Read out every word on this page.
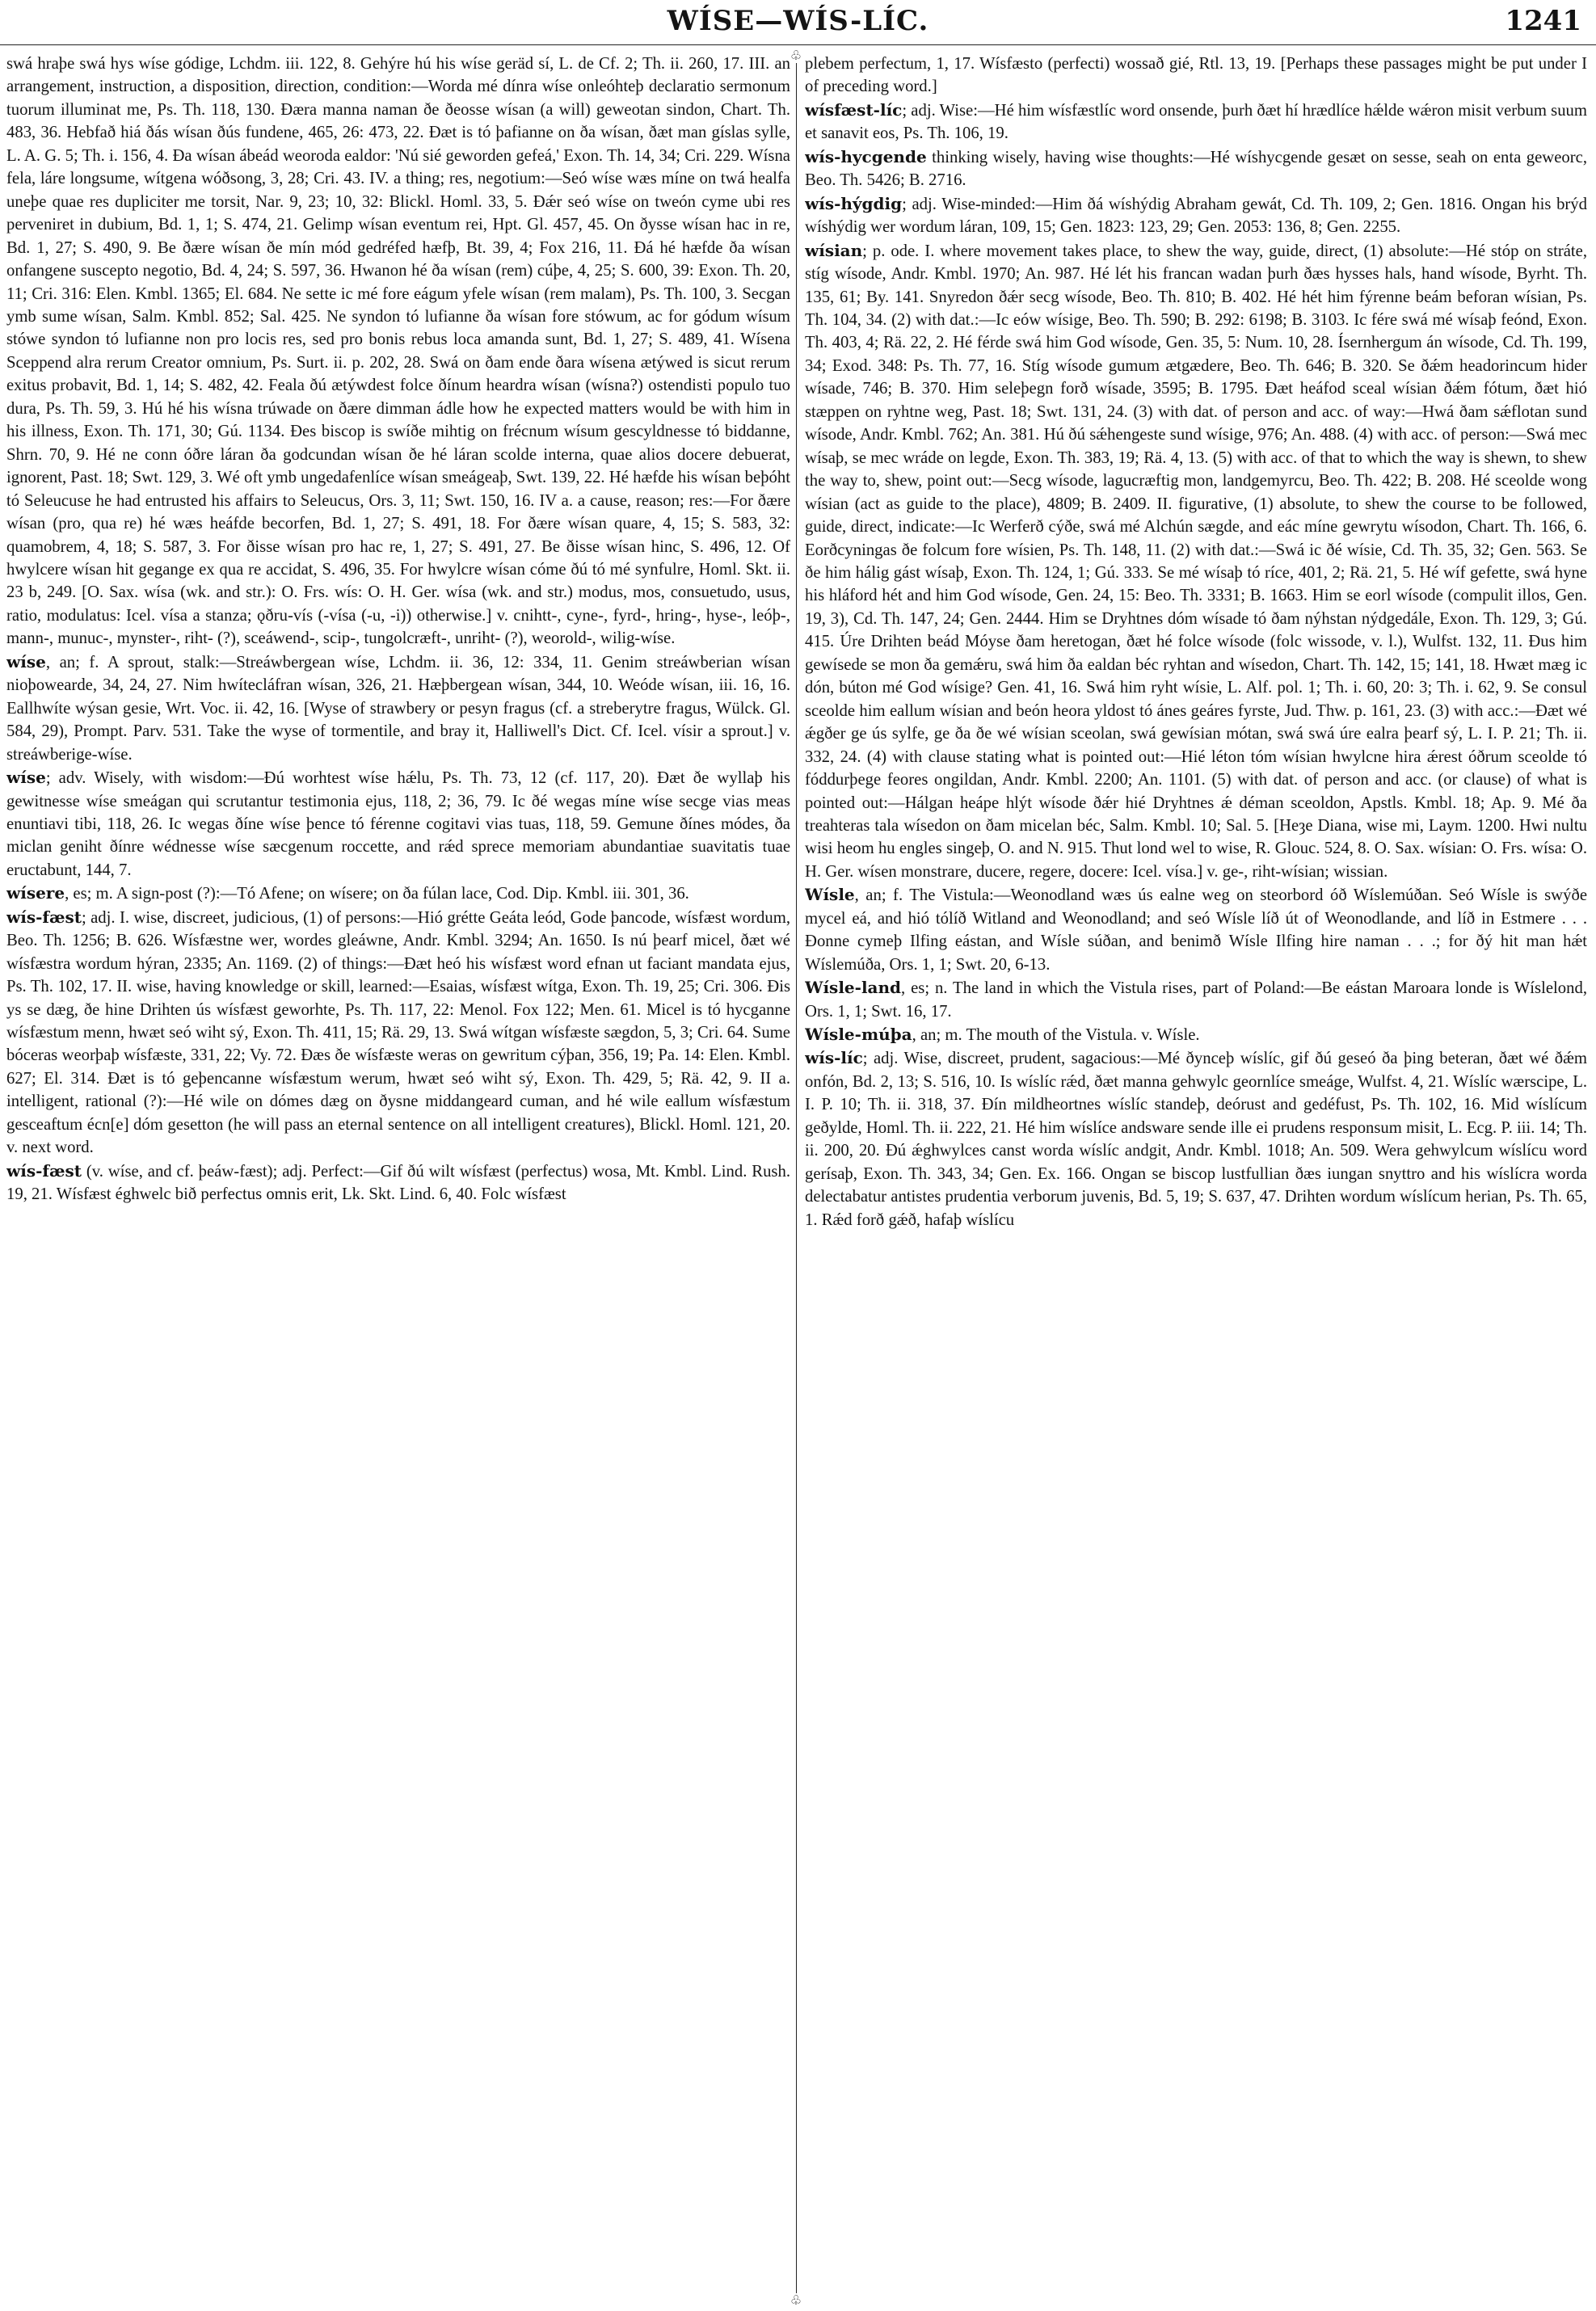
WÍSE—WÍS-LÍC.	1241
♧
♧

swá hraþe swá hys wíse gódige, Lchdm. iii. 122, 8. Gehýre hú his wíse geräd sí, L. de Cf. 2; Th. ii. 260, 17. III. an arrangement, instruction, a disposition, direction, condition:—Worda mé dínra wíse onleóhteþ declaratio sermonum tuorum illuminat me, Ps. Th. 118, 130. Ðæra manna naman ðe ðeosse wísan (a will) geweotan sindon, Chart. Th. 483, 36. Hebfað hiá ðás wísan ðús fundene, 465, 26: 473, 22. Ðæt is tó þafianne on ða wísan, ðæt man gíslas sylle, L. A. G. 5; Th. i. 156, 4. Ða wísan ábeád weoroda ealdor: 'Nú sié geworden gefeá,' Exon. Th. 14, 34; Cri. 229. Wísna fela, láre longsume, wítgena wóðsong, 3, 28; Cri. 43. IV. a thing; res, negotium:—Seó wíse wæs míne on twá healfa uneþe quae res dupliciter me torsit, Nar. 9, 23; 10, 32: Blickl. Homl. 33, 5. Ðǽr seó wíse on tweón cyme ubi res perveniret in dubium, Bd. 1, 1; S. 474, 21. Gelimp wísan eventum rei, Hpt. Gl. 457, 45. On ðysse wísan hac in re, Bd. 1, 27; S. 490, 9. Be ðære wísan ðe mín mód gedréfed hæfþ, Bt. 39, 4; Fox 216, 11. Ðá hé hæfde ða wísan onfangene suscepto negotio, Bd. 4, 24; S. 597, 36. Hwanon hé ða wísan (rem) cúþe, 4, 25; S. 600, 39: Exon. Th. 20, 11; Cri. 316: Elen. Kmbl. 1365; El. 684. Ne sette ic mé fore eágum yfele wísan (rem malam), Ps. Th. 100, 3. Secgan ymb sume wísan, Salm. Kmbl. 852; Sal. 425. Ne syndon tó lufianne ða wísan fore stówum, ac for gódum wísum stówe syndon tó lufianne non pro locis res, sed pro bonis rebus loca amanda sunt, Bd. 1, 27; S. 489, 41. Wísena Sceppend alra rerum Creator omnium, Ps. Surt. ii. p. 202, 28. Swá on ðam ende ðara wísena ætýwed is sicut rerum exitus probavit, Bd. 1, 14; S. 482, 42. Feala ðú ætýwdest folce ðínum heardra wísan (wísna?) ostendisti populo tuo dura, Ps. Th. 59, 3. Hú hé his wísna trúwade on ðære dimman ádle how he expected matters would be with him in his illness, Exon. Th. 171, 30; Gú. 1134. Ðes biscop is swíðe mihtig on frécnum wísum gescyldnesse tó biddanne, Shrn. 70, 9. Hé ne conn óðre láran ða godcundan wísan ðe hé láran scolde interna, quae alios docere debuerat, ignorent, Past. 18; Swt. 129, 3. Wé oft ymb ungedafenlíce wísan smeágeaþ, Swt. 139, 22. Hé hæfde his wísan beþóht tó Seleucuse he had entrusted his affairs to Seleucus, Ors. 3, 11; Swt. 150, 16. IV a. a cause, reason; res:—For ðære wísan (pro, qua re) hé wæs heáfde becorfen, Bd. 1, 27; S. 491, 18. For ðære wísan quare, 4, 15; S. 583, 32: quamobrem, 4, 18; S. 587, 3. For ðisse wísan pro hac re, 1, 27; S. 491, 27. Be ðisse wísan hinc, S. 496, 12. Of hwylcere wísan hit gegange ex qua re accidat, S. 496, 35. For hwylcre wísan cóme ðú tó mé synfulre, Homl. Skt. ii. 23 b, 249. [O. Sax. wísa (wk. and str.): O. Frs. wís: O. H. Ger. wísa (wk. and str.) modus, mos, consuetudo, usus, ratio, modulatus: Icel. vísa a stanza; ǫðru-vís (-vísa (-u, -i)) otherwise.] v. cnihtt-, cyne-, fyrd-, hring-, hyse-, leóþ-, mann-, munuc-, mynster-, riht- (?), sceáwend-, scip-, tungolcræft-, unriht- (?), weorold-, wilig-wíse.

wíse, an; f. A sprout, stalk:—Streáwbergean wíse, Lchdm. ii. 36, 12: 334, 11. Genim streáwberian wísan nioþowearde, 34, 24, 27. Nim hwítecláfran wísan, 326, 21. Hæþbergean wísan, 344, 10. Weóde wísan, iii. 16, 16. Eallhwíte wýsan gesie, Wrt. Voc. ii. 42, 16. [Wyse of strawbery or pesyn fragus (cf. a streberytre fragus, Wülck. Gl. 584, 29), Prompt. Parv. 531. Take the wyse of tormentile, and bray it, Halliwell's Dict. Cf. Icel. vísir a sprout.] v. streáwberige-wíse.

wíse; adv. Wisely, with wisdom:—Ðú worhtest wíse hǽlu, Ps. Th. 73, 12 (cf. 117, 20). Ðæt ðe wyllaþ his gewitnesse wíse smeágan qui scrutantur testimonia ejus, 118, 2; 36, 79. Ic ðé wegas míne wíse secge vias meas enuntiavi tibi, 118, 26. Ic wegas ðíne wíse þence tó férenne cogitavi vias tuas, 118, 59. Gemune ðínes módes, ða miclan geniht ðínre wédnesse wíse sæcgenum roccette, and rǽd sprece memoriam abundantiae suavitatis tuae eructabunt, 144, 7.

wísere, es; m. A sign-post (?):—Tó Afene; on wísere; on ða fúlan lace, Cod. Dip. Kmbl. iii. 301, 36.

wís-fæst; adj. I. wise, discreet, judicious, (1) of persons:—Hió grétte Geáta leód, Gode þancode, wísfæst wordum, Beo. Th. 1256; B. 626. Wísfæstne wer, wordes gleáwne, Andr. Kmbl. 3294; An. 1650. Is nú þearf micel, ðæt wé wísfæstra wordum hýran, 2335; An. 1169. (2) of things:—Ðæt heó his wísfæst word efnan ut faciant mandata ejus, Ps. Th. 102, 17. II. wise, having knowledge or skill, learned:—Esaias, wísfæst wítga, Exon. Th. 19, 25; Cri. 306. Ðis ys se dæg, ðe hine Drihten ús wísfæst geworhte, Ps. Th. 117, 22: Menol. Fox 122; Men. 61. Micel is tó hycganne wísfæstum menn, hwæt seó wiht sý, Exon. Th. 411, 15; Rä. 29, 13. Swá wítgan wísfæste sægdon, 5, 3; Cri. 64. Sume bóceras weorþaþ wísfæste, 331, 22; Vy. 72. Ðæs ðe wísfæste weras on gewritum cýþan, 356, 19; Pa. 14: Elen. Kmbl. 627; El. 314. Ðæt is tó geþencanne wísfæstum werum, hwæt seó wiht sý, Exon. Th. 429, 5; Rä. 42, 9. II a. intelligent, rational (?):—Hé wile on dómes dæg on ðysne middangeard cuman, and hé wile eallum wísfæstum gesceaftum écn[e] dóm gesetton (he will pass an eternal sentence on all intelligent creatures), Blickl. Homl. 121, 20. v. next word.

wís-fæst (v. wíse, and cf. þeáw-fæst); adj. Perfect:—Gif ðú wilt wísfæst (perfectus) wosa, Mt. Kmbl. Lind. Rush. 19, 21. Wísfæst éghwelc bið perfectus omnis erit, Lk. Skt. Lind. 6, 40. Folc wísfæst

plebem perfectum, 1, 17. Wísfæsto (perfecti) wossað gié, Rtl. 13, 19. [Perhaps these passages might be put under I of preceding word.]

wísfæst-líc; adj. Wise:—Hé him wísfæstlíc word onsende, þurh ðæt hí hrædlíce hǽlde wǽron misit verbum suum et sanavit eos, Ps. Th. 106, 19.

wís-hycgende thinking wisely, having wise thoughts:—Hé wíshycgende gesæt on sesse, seah on enta geweorc, Beo. Th. 5426; B. 2716.

wís-hýgdig; adj. Wise-minded:—Him ðá wíshýdig Abraham gewát, Cd. Th. 109, 2; Gen. 1816. Ongan his brýd wíshýdig wer wordum láran, 109, 15; Gen. 1823: 123, 29; Gen. 2053: 136, 8; Gen. 2255.

wísian; p. ode. I. where movement takes place, to shew the way, guide, direct, (1) absolute:—Hé stóp on stráte, stíg wísode, Andr. Kmbl. 1970; An. 987. Hé lét his francan wadan þurh ðæs hysses hals, hand wísode, Byrht. Th. 135, 61; By. 141. Snyredon ðǽr secg wísode, Beo. Th. 810; B. 402. Hé hét him fýrenne beám beforan wísian, Ps. Th. 104, 34. (2) with dat.:—Ic eów wísige, Beo. Th. 590; B. 292: 6198; B. 3103. Ic fére swá mé wísaþ feónd, Exon. Th. 403, 4; Rä. 22, 2. Hé férde swá him God wísode, Gen. 35, 5: Num. 10, 28. Ísernhergum án wísode, Cd. Th. 199, 34; Exod. 348: Ps. Th. 77, 16. Stíg wísode gumum ætgædere, Beo. Th. 646; B. 320. Se ðǽm headorincum hider wísade, 746; B. 370. Him seleþegn forð wísade, 3595; B. 1795. Ðæt heáfod sceal wísian ðǽm fótum, ðæt hió stæppen on ryhtne weg, Past. 18; Swt. 131, 24. (3) with dat. of person and acc. of way:—Hwá ðam sǽflotan sund wísode, Andr. Kmbl. 762; An. 381. Hú ðú sǽhengeste sund wísige, 976; An. 488. (4) with acc. of person:—Swá mec wísaþ, se mec wráde on legde, Exon. Th. 383, 19; Rä. 4, 13. (5) with acc. of that to which the way is shewn, to shew the way to, shew, point out:—Secg wísode, lagucræftig mon, landgemyrcu, Beo. Th. 422; B. 208. Hé sceolde wong wísian (act as guide to the place), 4809; B. 2409. II. figurative, (1) absolute, to shew the course to be followed, guide, direct, indicate:—Ic Werferð cýðe, swá mé Alchún sægde, and eác míne gewrytu wísodon, Chart. Th. 166, 6. Eorðcyningas ðe folcum fore wísien, Ps. Th. 148, 11. (2) with dat.:—Swá ic ðé wísie, Cd. Th. 35, 32; Gen. 563. Se ðe him hálig gást wísaþ, Exon. Th. 124, 1; Gú. 333. Se mé wísaþ tó ríce, 401, 2; Rä. 21, 5. Hé wíf gefette, swá hyne his hláford hét and him God wísode, Gen. 24, 15: Beo. Th. 3331; B. 1663. Him se eorl wísode (compulit illos, Gen. 19, 3), Cd. Th. 147, 24; Gen. 2444. Him se Dryhtnes dóm wísade tó ðam nýhstan nýdgedále, Exon. Th. 129, 3; Gú. 415. Úre Drihten beád Móyse ðam heretogan, ðæt hé folce wísode (folc wissode, v. l.), Wulfst. 132, 11. Ðus him gewísede se mon ða gemǽru, swá him ða ealdan béc ryhtan and wísedon, Chart. Th. 142, 15; 141, 18. Hwæt mæg ic dón, búton mé God wísige? Gen. 41, 16. Swá him ryht wísie, L. Alf. pol. 1; Th. i. 60, 20: 3; Th. i. 62, 9. Se consul sceolde him eallum wísian and beón heora yldost tó ánes geáres fyrste, Jud. Thw. p. 161, 23. (3) with acc.:—Ðæt wé ǽgðer ge ús sylfe, ge ða ðe wé wísian sceolan, swá gewísian mótan, swá swá úre ealra þearf sý, L. I. P. 21; Th. ii. 332, 24. (4) with clause stating what is pointed out:—Hié léton tóm wísian hwylcne hira ǽrest óðrum sceolde tó fóddurþege feores ongildan, Andr. Kmbl. 2200; An. 1101. (5) with dat. of person and acc. (or clause) of what is pointed out:—Hálgan heápe hlýt wísode ðǽr hié Dryhtnes ǽ déman sceoldon, Apstls. Kmbl. 18; Ap. 9. Mé ða treahteras tala wísedon on ðam micelan béc, Salm. Kmbl. 10; Sal. 5. [Heȝe Diana, wise mi, Laym. 1200. Hwi nultu wisi heom hu engles singeþ, O. and N. 915. Thut lond wel to wise, R. Glouc. 524, 8. O. Sax. wísian: O. Frs. wísa: O. H. Ger. wísen monstrare, ducere, regere, docere: Icel. vísa.] v. ge-, riht-wísian; wissian.

Wísle, an; f. The Vistula:—Weonodland wæs ús ealne weg on steorbord óð Wíslemúðan. Seó Wísle is swýðe mycel eá, and hió tólíð Witland and Weonodland; and seó Wísle líð út of Weonodlande, and líð in Estmere . . . Ðonne cymeþ Ilfing eástan, and Wísle súðan, and benimð Wísle Ilfing hire naman . . .; for ðý hit man hǽt Wíslemúða, Ors. 1, 1; Swt. 20, 6-13.

Wísle-land, es; n. The land in which the Vistula rises, part of Poland:—Be eástan Maroara londe is Wíslelond, Ors. 1, 1; Swt. 16, 17.

Wísle-múþa, an; m. The mouth of the Vistula. v. Wísle.

wís-líc; adj. Wise, discreet, prudent, sagacious:—Mé ðynceþ wíslíc, gif ðú geseó ða þing beteran, ðæt wé ðǽm onfón, Bd. 2, 13; S. 516, 10. Is wíslíc rǽd, ðæt manna gehwylc geornlíce smeáge, Wulfst. 4, 21. Wíslíc wærscipe, L. I. P. 10; Th. ii. 318, 37. Ðín mildheortnes wíslíc standeþ, deórust and gedéfust, Ps. Th. 102, 16. Mid wíslícum geðylde, Homl. Th. ii. 222, 21. Hé him wíslíce andsware sende ille ei prudens responsum misit, L. Ecg. P. iii. 14; Th. ii. 200, 20. Ðú ǽghwylces canst worda wíslíc andgit, Andr. Kmbl. 1018; An. 509. Wera gehwylcum wíslícu word gerísaþ, Exon. Th. 343, 34; Gen. Ex. 166. Ongan se biscop lustfullian ðæs iungan snyttro and his wíslícra worda delectabatur antistes prudentia verborum juvenis, Bd. 5, 19; S. 637, 47. Drihten wordum wíslícum herian, Ps. Th. 65, 1. Rǽd forð gǽð, hafaþ wíslícu
